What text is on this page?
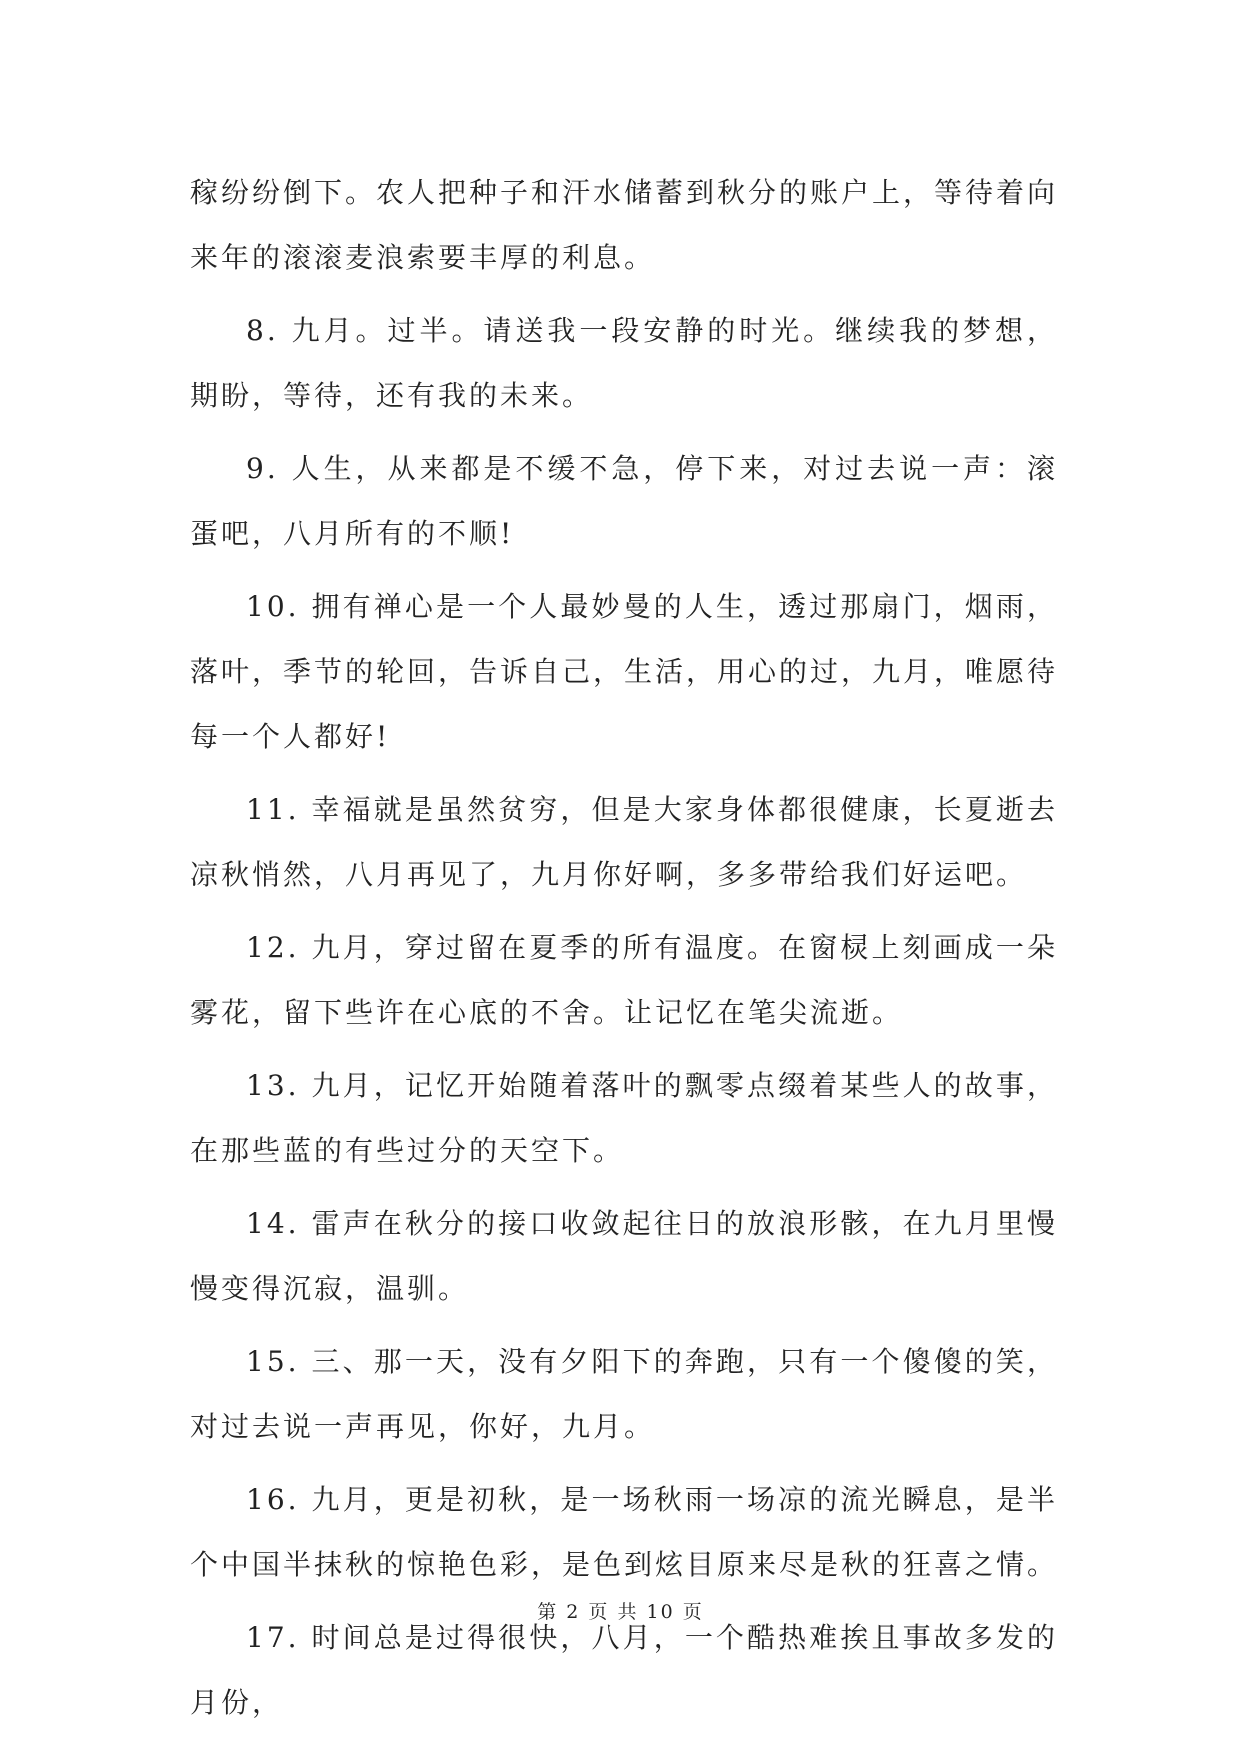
稼纷纷倒下。农人把种子和汗水储蓄到秋分的账户上，等待着向来年的滚滚麦浪索要丰厚的利息。

8. 九月。过半。请送我一段安静的时光。继续我的梦想，期盼，等待，还有我的未来。

9. 人生，从来都是不缓不急，停下来，对过去说一声：滚蛋吧，八月所有的不顺!

10. 拥有禅心是一个人最妙曼的人生，透过那扇门，烟雨，落叶，季节的轮回，告诉自己，生活，用心的过，九月，唯愿待每一个人都好!

11. 幸福就是虽然贫穷，但是大家身体都很健康，长夏逝去凉秋悄然，八月再见了，九月你好啊，多多带给我们好运吧。

12. 九月，穿过留在夏季的所有温度。在窗棂上刻画成一朵雾花，留下些许在心底的不舍。让记忆在笔尖流逝。

13. 九月，记忆开始随着落叶的飘零点缀着某些人的故事，在那些蓝的有些过分的天空下。

14. 雷声在秋分的接口收敛起往日的放浪形骸，在九月里慢慢变得沉寂，温驯。

15. 三、那一天，没有夕阳下的奔跑，只有一个傻傻的笑，对过去说一声再见，你好，九月。

16. 九月，更是初秋，是一场秋雨一场凉的流光瞬息，是半个中国半抹秋的惊艳色彩，是色到炫目原来尽是秋的狂喜之情。

17. 时间总是过得很快，八月，一个酷热难挨且事故多发的月份，

第 2 页 共 10 页
